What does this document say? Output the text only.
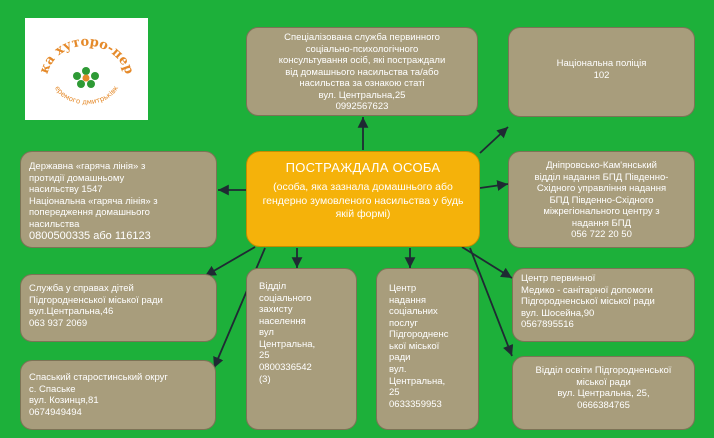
ка хуторо-пер
еремого дмитрьківк
Спеціалізована служба первинного
соціально-психологічного
консультування осіб, які постраждали
від домашнього насильства та/або
насильства за ознакою статі
вул. Центральна,25
0992567623
Національна поліція
102
Державна «гаряча лінія» з
протидії домашньому
насильству 1547
Національна «гаряча лінія» з
попередження домашнього
насильства
0800500335 або 116123
ПОСТРАЖДАЛА ОСОБА
(особа, яка зазнала домашнього або гендерно зумовленого насильства у будь якій формі)
Дніпровсько-Кам'янський
відділ надання БПД Південно-
Східного управління надання
БПД Південно-Східного
міжрегіонального центру з
надання БПД
056 722 20 50
Служба у справах дітей
Підгородненської міської ради
вул.Центральна,46
063 937 2069
Відділ
соціального
захисту
населення
вул
Центральна,
25
0800336542
(3)
Центр
надання
соціальних
послуг
Підгородненс
ької міської
ради
вул.
Центральна,
25
0633359953
Центр первинної
Медико - санітарної допомоги
Підгородненської міської ради
вул. Шосейна,90
0567895516
Спаський старостинський округ
с. Спаське
вул. Козинця,81
0674949494
Відділ освіти Підгородненської
міської ради
вул. Центральна, 25,
0666384765
